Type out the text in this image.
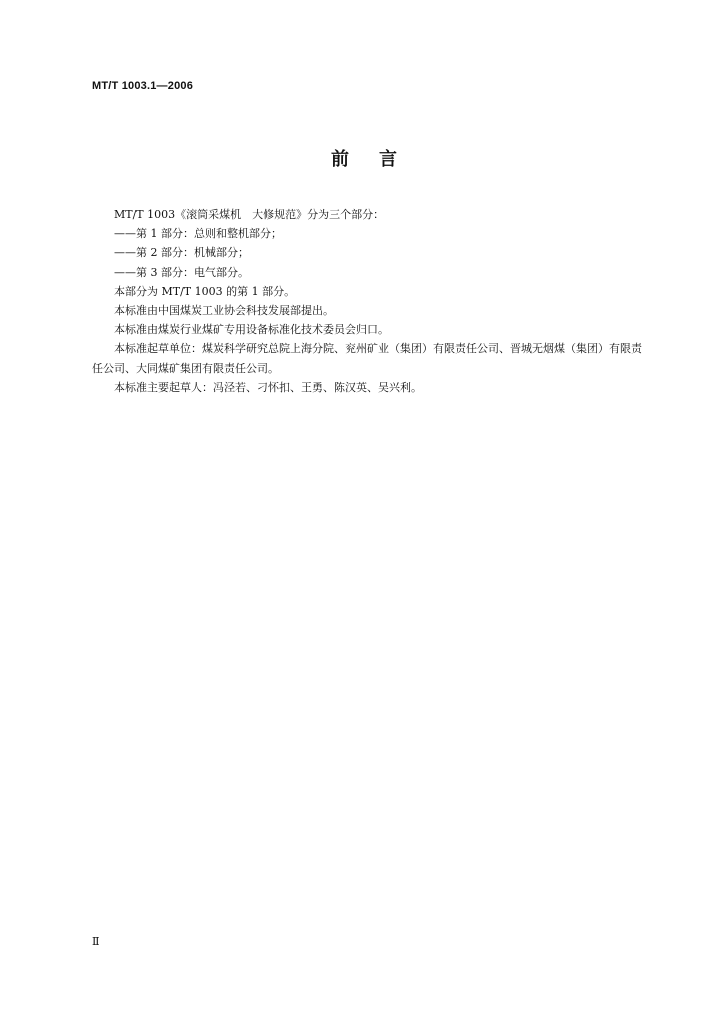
MT/T 1003.1—2006
前 言

MT/T 1003《滚筒采煤机　大修规范》分为三个部分：

——第 1 部分：总则和整机部分；

——第 2 部分：机械部分；

——第 3 部分：电气部分。

本部分为 MT/T 1003 的第 1 部分。

本标准由中国煤炭工业协会科技发展部提出。

本标准由煤炭行业煤矿专用设备标准化技术委员会归口。

本标准起草单位：煤炭科学研究总院上海分院、兖州矿业（集团）有限责任公司、晋城无烟煤（集团）有限责任公司、大同煤矿集团有限责任公司。

本标准主要起草人：冯泾若、刁怀扣、王勇、陈汉英、吴兴利。

Ⅱ
